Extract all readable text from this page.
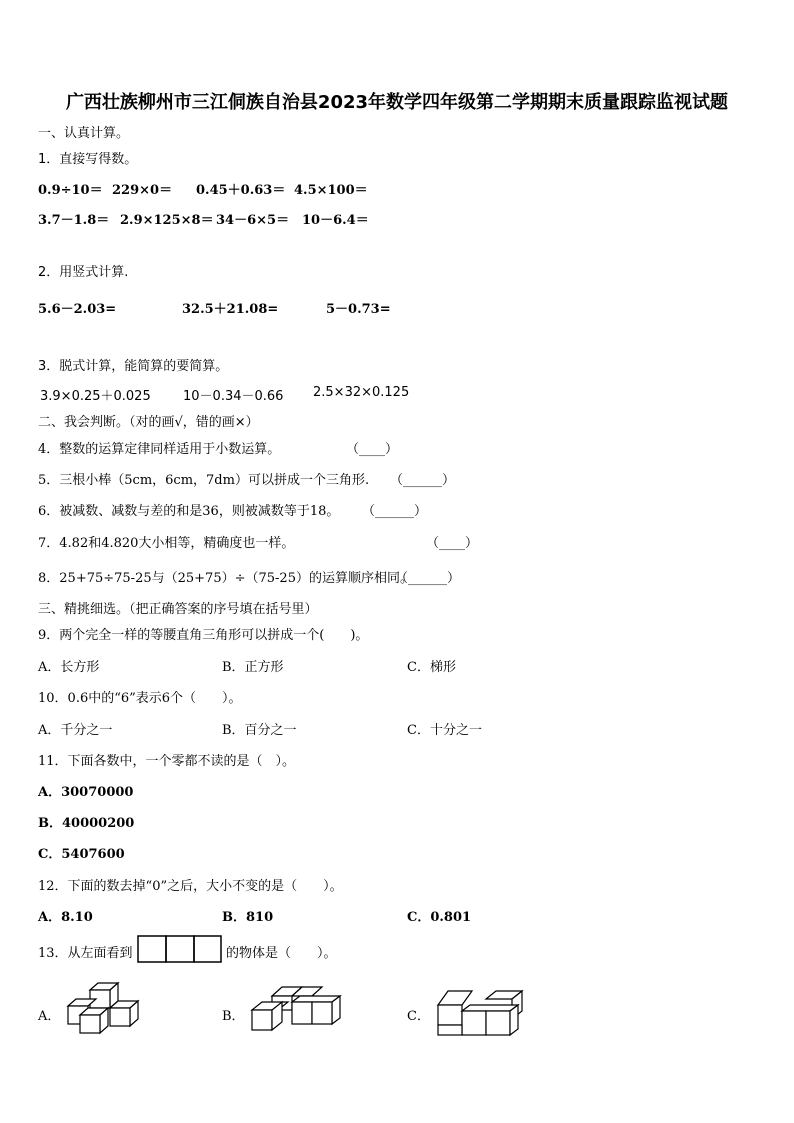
广西壮族柳州市三江侗族自治县2023年数学四年级第二学期期末质量跟踪监视试题
一、认真计算。
1．直接写得数。
0.9÷10＝ 229×0＝ 0.45＋0.63＝ 4.5×100＝
3.7－1.8＝ 2.9×125×8＝ 34－6×5＝ 10－6.4＝
2．用竖式计算.
5.6－2.03=	32.5＋21.08=	5－0.73=
3．脱式计算，能简算的要简算。
3.9×0.25＋0.025 10－0.34－0.66 2.5×32×0.125
二、我会判断。（对的画√，错的画×）
4．整数的运算定律同样适用于小数运算。	（____）
5．三根小棒（5cm，6cm，7dm）可以拼成一个三角形. （______）
6．被减数、减数与差的和是36，则被减数等于18。 （______）
7．4.82和4.820大小相等，精确度也一样。	（____）
8．25+75÷75-25与（25+75）÷（75-25）的运算顺序相同。
（______）
三、精挑细选。（把正确答案的序号填在括号里）
9．两个完全一样的等腰直角三角形可以拼成一个(　　)。
A．长方形	B．正方形	C．梯形
10．0.6中的“6”表示6个（　　）。
A．千分之一	B．百分之一	C．十分之一
11．下面各数中，一个零都不读的是（　）。
A．30070000
B．40000200
C．5407600
12．下面的数去掉“0”之后，大小不变的是（　　）。
A．8.10	B．810	C．0.801
13．从左面看到	的物体是（　　）。
A．	B．	C．
